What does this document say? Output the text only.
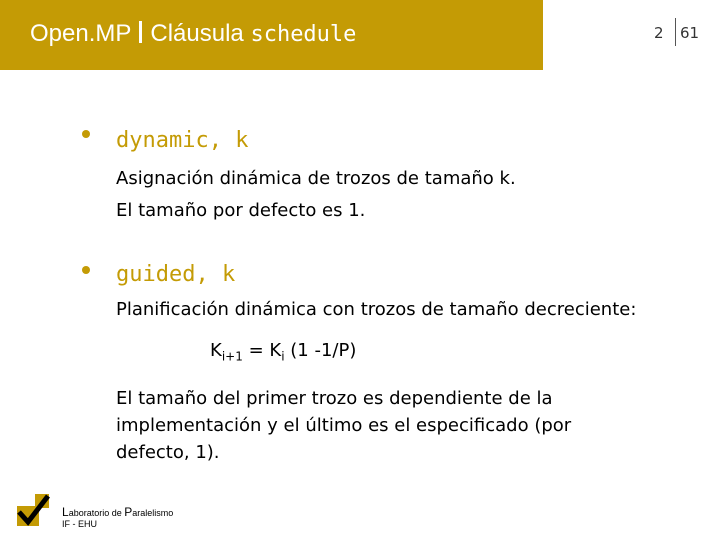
Open.MP Cláusula schedule	2 61
dynamic, k
Asignación dinámica de trozos de tamaño k.
El tamaño por defecto es 1.
guided, k
Planificación dinámica con trozos de tamaño decreciente:
$K_{i+1} = K_i$ (1 -1/P)
El tamaño del primer trozo es dependiente de la
implementación y el último es el especificado (por
defecto, 1).
Laboratorio de Paralelismo
IF - EHU
